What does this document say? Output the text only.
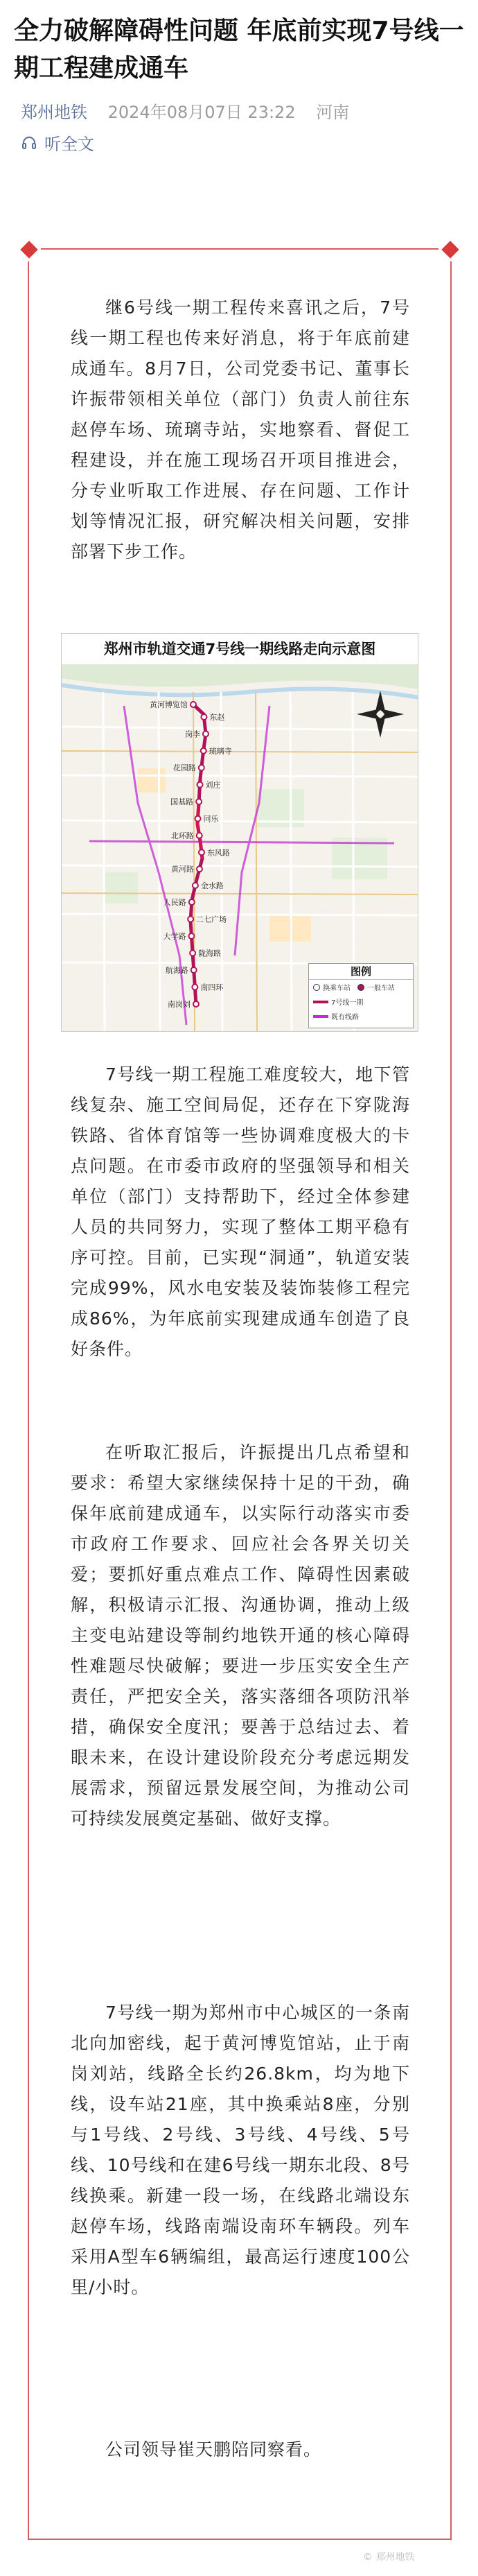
全力破解障碍性问题 年底前实现7号线一期工程建成通车
郑州地铁 2024年08月07日 23:22 河南
听全文

继6号线一期工程传来喜讯之后，7号线一期工程也传来好消息，将于年底前建成通车。8月7日，公司党委书记、董事长许振带领相关单位（部门）负责人前往东赵停车场、琉璃寺站，实地察看、督促工程建设，并在施工现场召开项目推进会，分专业听取工作进展、存在问题、工作计划等情况汇报，研究解决相关问题，安排部署下步工作。

郑州市轨道交通7号线一期线路走向示意图
黄河博览馆
东赵
岗李
琉璃寺
花园路
刘庄
国基路
同乐
北环路
东风路
黄河路
金水路
人民路
二七广场
大学路
陇海路
航海路
南四环
南岗刘
图例
换乘车站 一般车站
7号线一期
既有线路

7号线一期工程施工难度较大，地下管线复杂、施工空间局促，还存在下穿陇海铁路、省体育馆等一些协调难度极大的卡点问题。在市委市政府的坚强领导和相关单位（部门）支持帮助下，经过全体参建人员的共同努力，实现了整体工期平稳有序可控。目前，已实现“洞通”，轨道安装完成99%，风水电安装及装饰装修工程完成86%，为年底前实现建成通车创造了良好条件。

在听取汇报后，许振提出几点希望和要求：希望大家继续保持十足的干劲，确保年底前建成通车，以实际行动落实市委市政府工作要求、回应社会各界关切关爱；要抓好重点难点工作、障碍性因素破解，积极请示汇报、沟通协调，推动上级主变电站建设等制约地铁开通的核心障碍性难题尽快破解；要进一步压实安全生产责任，严把安全关，落实落细各项防汛举措，确保安全度汛；要善于总结过去、着眼未来，在设计建设阶段充分考虑远期发展需求，预留远景发展空间，为推动公司可持续发展奠定基础、做好支撑。

7号线一期为郑州市中心城区的一条南北向加密线，起于黄河博览馆站，止于南岗刘站，线路全长约26.8km，均为地下线，设车站21座，其中换乘站8座，分别与1号线、2号线、3号线、4号线、5号线、10号线和在建6号线一期东北段、8号线换乘。新建一段一场，在线路北端设东赵停车场，线路南端设南环车辆段。列车采用A型车6辆编组，最高运行速度100公里/小时。

公司领导崔天鹏陪同察看。

© 郑州地铁
